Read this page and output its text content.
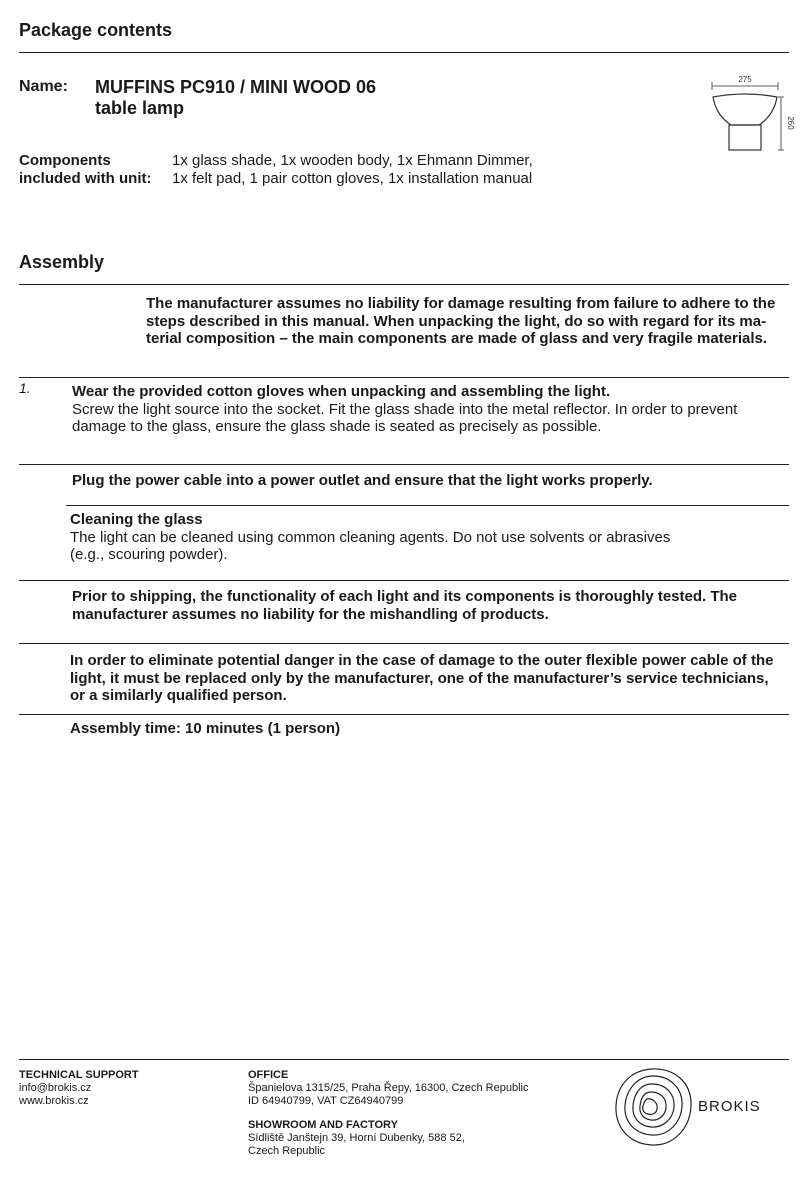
Package contents
Name: MUFFINS PC910 / MINI WOOD 06
table lamp
275
260
Components
included with unit:
1x glass shade, 1x wooden body, 1x Ehmann Dimmer,
1x felt pad, 1 pair cotton gloves, 1x installation manual
Assembly
The manufacturer assumes no liability for damage resulting from failure to adhere to the
steps described in this manual. When unpacking the light, do so with regard for its ma-
terial composition – the main components are made of glass and very fragile materials.
1.	Wear the provided cotton gloves when unpacking and assembling the light.
Screw the light source into the socket. Fit the glass shade into the metal reflector. In order to prevent
damage to the glass, ensure the glass shade is seated as precisely as possible.
Plug the power cable into a power outlet and ensure that the light works properly.
Cleaning the glass
The light can be cleaned using common cleaning agents. Do not use solvents or abrasives
(e.g., scouring powder).
Prior to shipping, the functionality of each light and its components is thoroughly tested. The
manufacturer assumes no liability for the mishandling of products.
In order to eliminate potential danger in the case of damage to the outer flexible power cable of the
light, it must be replaced only by the manufacturer, one of the manufacturer’s service technicians,
or a similarly qualified person.
Assembly time: 10 minutes (1 person)
TECHNICAL SUPPORT
info@brokis.cz
www.brokis.cz
OFFICE
Španielova 1315/25, Praha Řepy, 16300, Czech Republic
ID 64940799, VAT CZ64940799
SHOWROOM AND FACTORY
Sídliště Janštejn 39, Horní Dubenky, 588 52,
Czech Republic
BROKIS
